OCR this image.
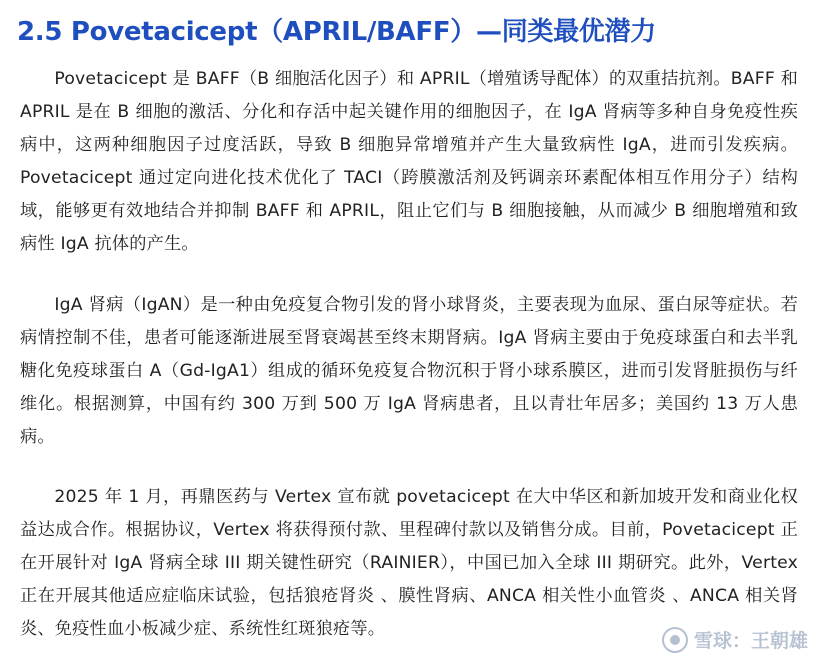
2.5 Povetacicept（APRIL/BAFF）—同类最优潜力

Povetacicept 是 BAFF（B 细胞活化因子）和 APRIL（增殖诱导配体）的双重拮抗剂。BAFF 和 APRIL 是在 B 细胞的激活、分化和存活中起关键作用的细胞因子，在 IgA 肾病等多种自身免疫性疾病中，这两种细胞因子过度活跃，导致 B 细胞异常增殖并产生大量致病性 IgA，进而引发疾病。Povetacicept 通过定向进化技术优化了 TACI（跨膜激活剂及钙调亲环素配体相互作用分子）结构域，能够更有效地结合并抑制 BAFF 和 APRIL，阻止它们与 B 细胞接触，从而减少 B 细胞增殖和致病性 IgA 抗体的产生。

IgA 肾病（IgAN）是一种由免疫复合物引发的肾小球肾炎，主要表现为血尿、蛋白尿等症状。若病情控制不佳，患者可能逐渐进展至肾衰竭甚至终末期肾病。IgA 肾病主要由于免疫球蛋白和去半乳糖化免疫球蛋白 A（Gd-IgA1）组成的循环免疫复合物沉积于肾小球系膜区，进而引发肾脏损伤与纤维化。根据测算，中国有约 300 万到 500 万 IgA 肾病患者，且以青壮年居多；美国约 13 万人患病。

2025 年 1 月，再鼎医药与 Vertex 宣布就 povetacicept 在大中华区和新加坡开发和商业化权益达成合作。根据协议，Vertex 将获得预付款、里程碑付款以及销售分成。目前，Povetacicept 正在开展针对 IgA 肾病全球 III 期关键性研究（RAINIER），中国已加入全球 III 期研究。此外，Vertex 正在开展其他适应症临床试验，包括狼疮肾炎 、膜性肾病、ANCA 相关性小血管炎 、ANCA 相关肾炎、免疫性血小板减少症、系统性红斑狼疮等。

雪球：王朝雄
